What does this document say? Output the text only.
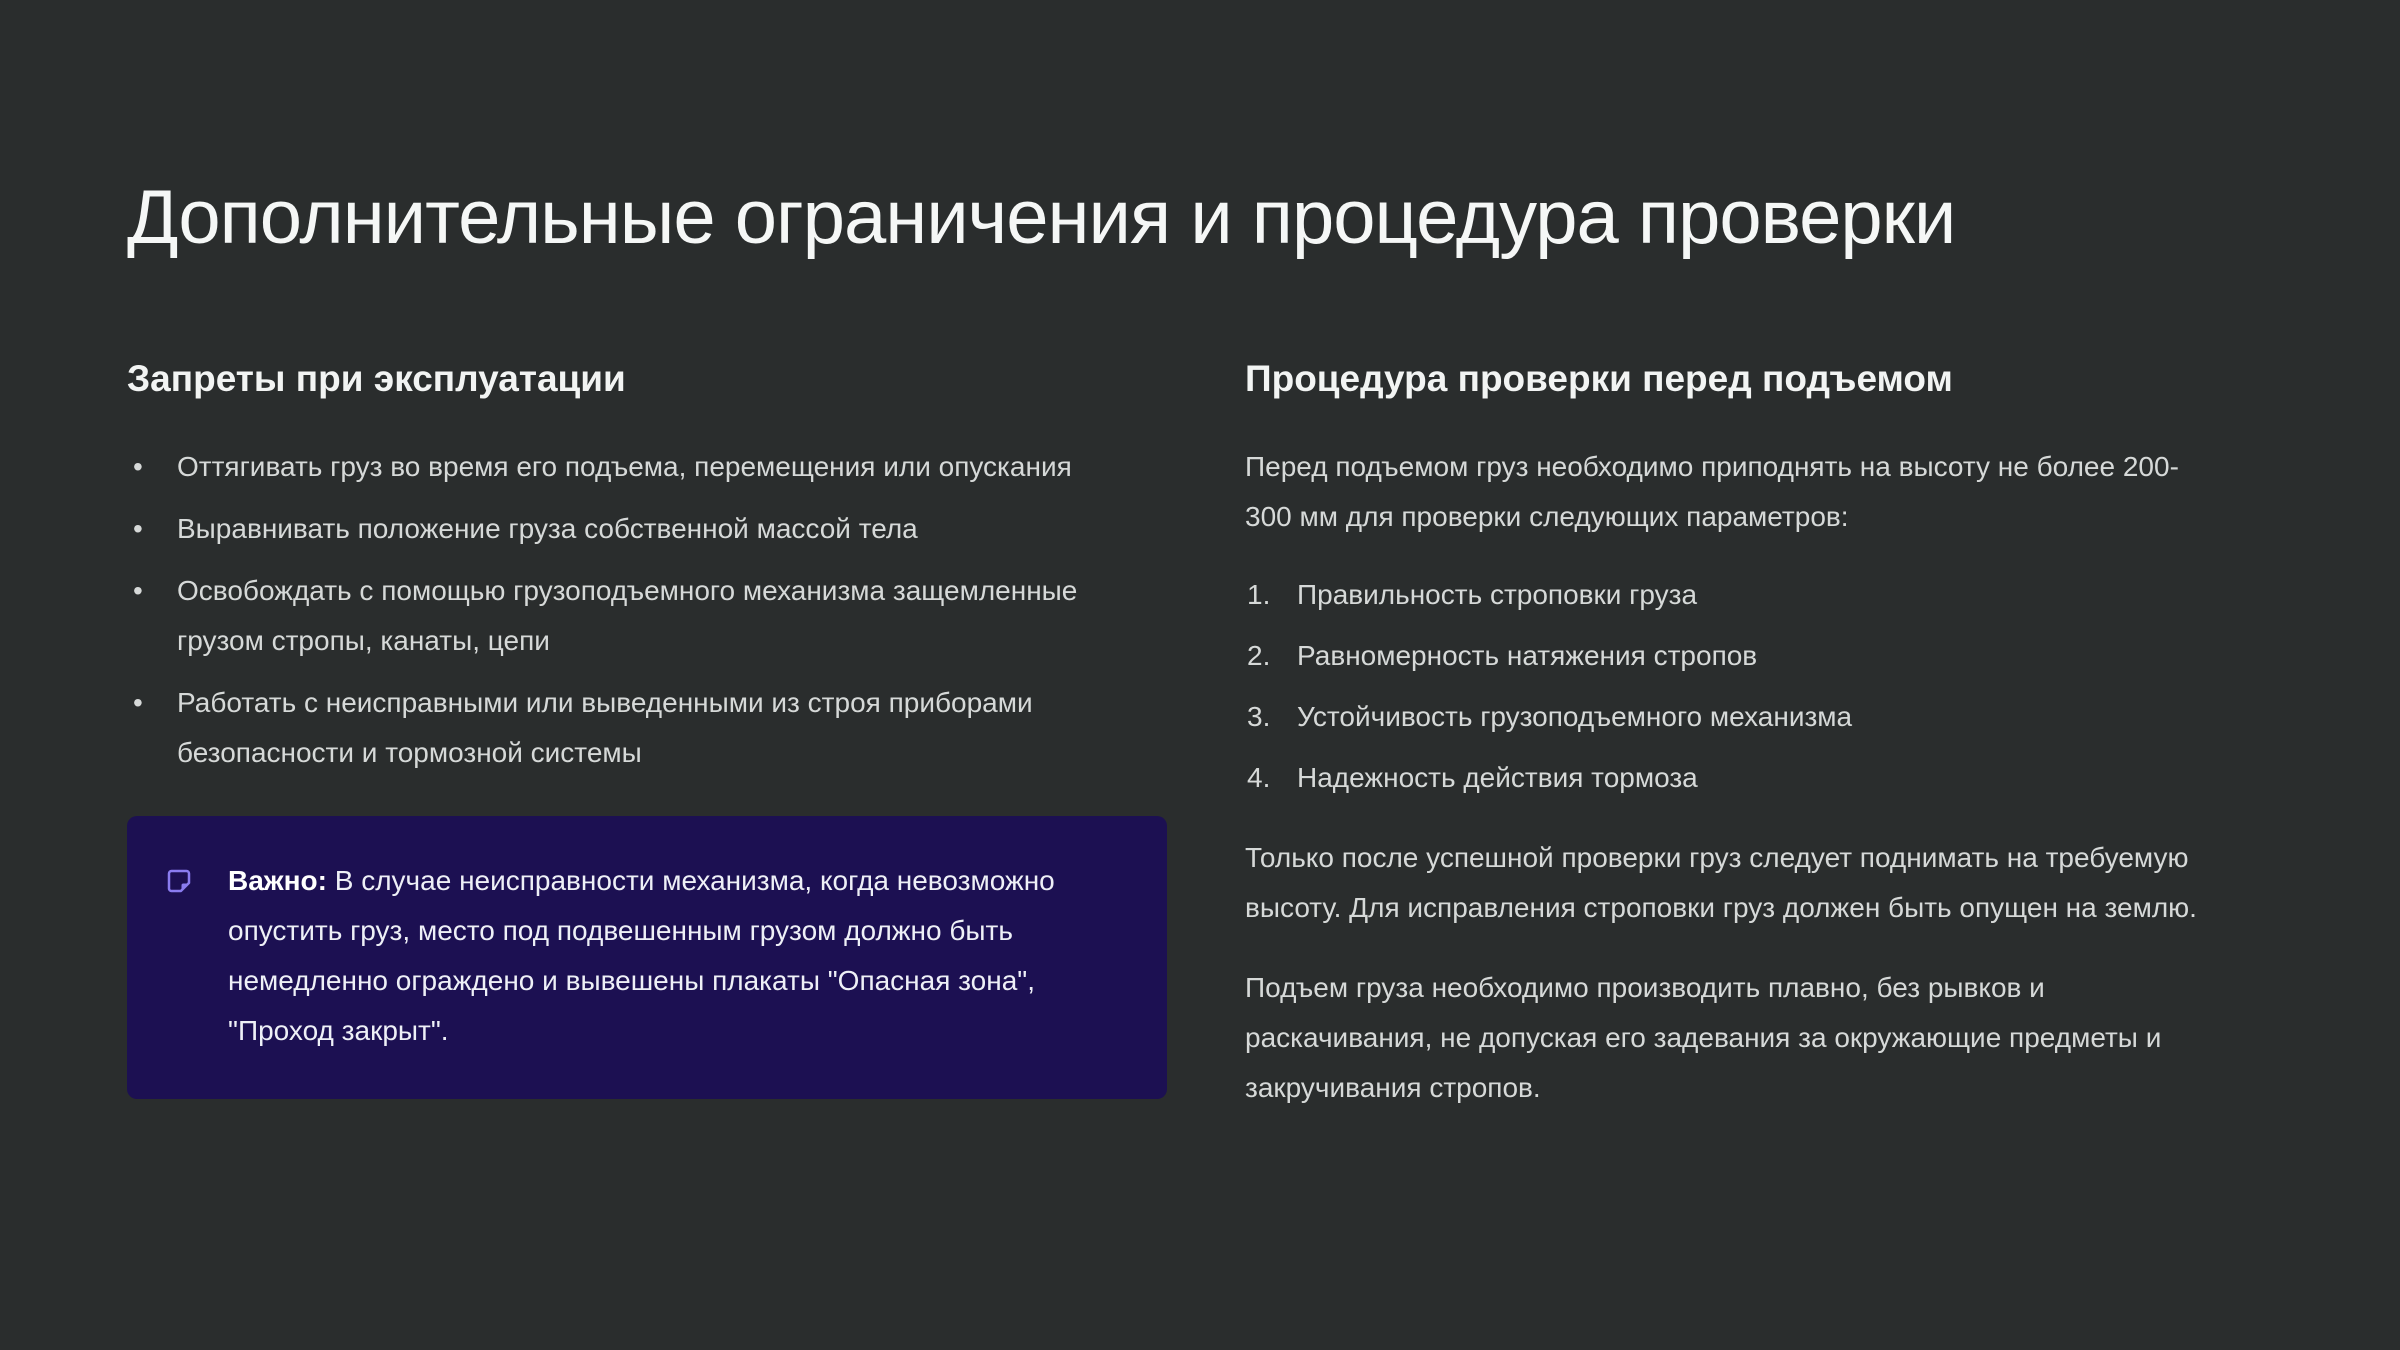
Дополнительные ограничения и процедура проверки
Запреты при эксплуатации
• Оттягивать груз во время его подъема, перемещения или опускания
• Выравнивать положение груза собственной массой тела
• Освобождать с помощью грузоподъемного механизма защемленные грузом стропы, канаты, цепи
• Работать с неисправными или выведенными из строя приборами безопасности и тормозной системы

Важно: В случае неисправности механизма, когда невозможно опустить груз, место под подвешенным грузом должно быть немедленно ограждено и вывешены плакаты "Опасная зона", "Проход закрыт".

Процедура проверки перед подъемом

Перед подъемом груз необходимо приподнять на высоту не более 200-300 мм для проверки следующих параметров:

Правильность строповки груза
Равномерность натяжения стропов
Устойчивость грузоподъемного механизма
Надежность действия тормоза

Только после успешной проверки груз следует поднимать на требуемую высоту. Для исправления строповки груз должен быть опущен на землю.

Подъем груза необходимо производить плавно, без рывков и раскачивания, не допуская его задевания за окружающие предметы и закручивания стропов.
